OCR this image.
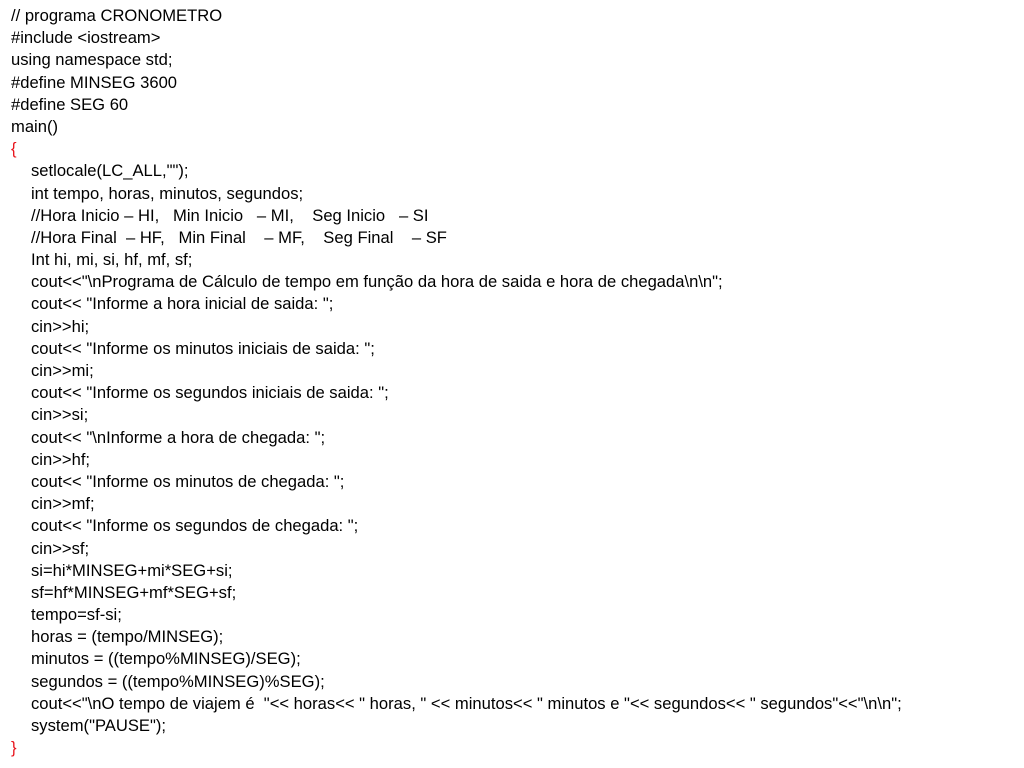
// programa CRONOMETRO
#include <iostream>
using namespace std;
#define MINSEG 3600
#define SEG 60
main()
{
setlocale(LC_ALL,"");
int tempo, horas, minutos, segundos;
//Hora Inicio – HI,   Min Inicio   – MI,    Seg Inicio   – SI
//Hora Final  – HF,   Min Final    – MF,    Seg Final    – SF
Int hi, mi, si, hf, mf, sf;
cout<<"\nPrograma de Cálculo de tempo em função da hora de saida e hora de chegada\n\n";
cout<< "Informe a hora inicial de saida: ";
cin>>hi;
cout<< "Informe os minutos iniciais de saida: ";
cin>>mi;
cout<< "Informe os segundos iniciais de saida: ";
cin>>si;
cout<< "\nInforme a hora de chegada: ";
cin>>hf;
cout<< "Informe os minutos de chegada: ";
cin>>mf;
cout<< "Informe os segundos de chegada: ";
cin>>sf;
si=hi*MINSEG+mi*SEG+si;
sf=hf*MINSEG+mf*SEG+sf;
tempo=sf-si;
horas = (tempo/MINSEG);
minutos = ((tempo%MINSEG)/SEG);
segundos = ((tempo%MINSEG)%SEG);
cout<<"\nO tempo de viajem é  "<< horas<< " horas, " << minutos<< " minutos e "<< segundos<< " segundos"<<"\n\n";
system("PAUSE");
}
